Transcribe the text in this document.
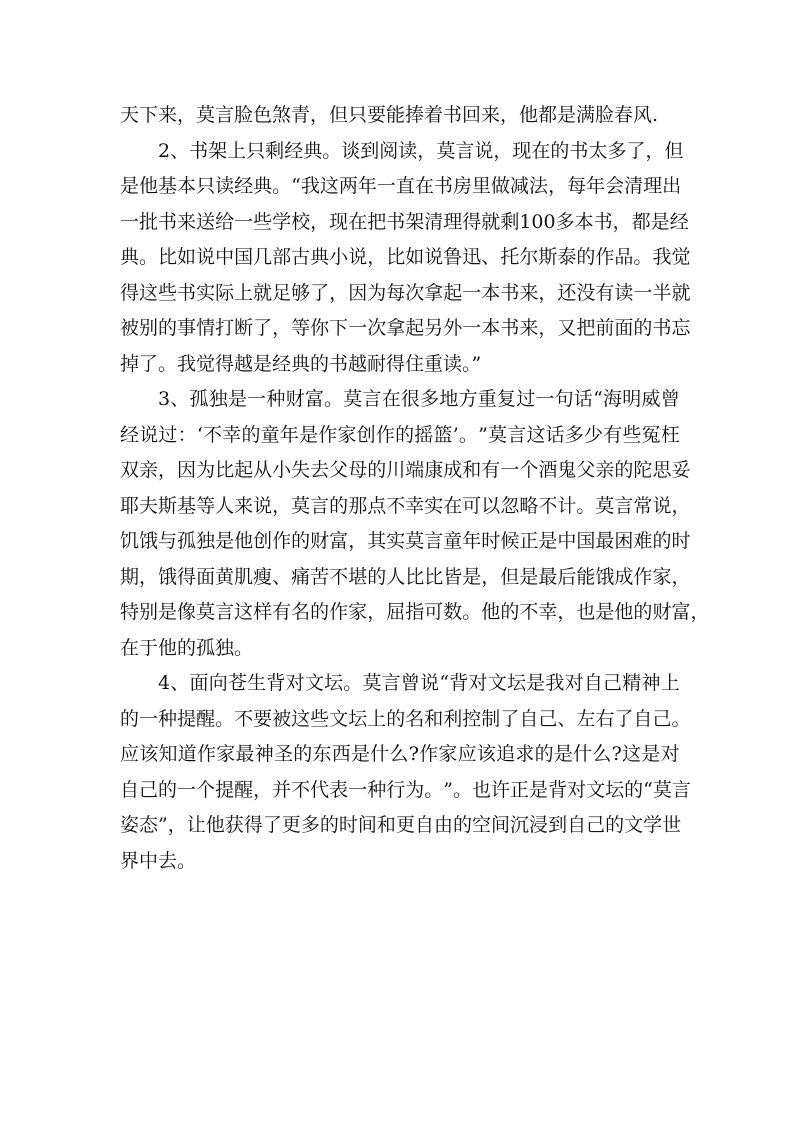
天下来，莫言脸色煞青，但只要能捧着书回来，他都是满脸春风.
2 、 书 架 上 只 剩 经 典 。 谈 到 阅 读 ， 莫 言 说 ， 现 在 的 书 太 多 了 ， 但
是 他 基 本 只 读 经 典 。 “ 我 这 两 年 一 直 在 书 房 里 做 减 法 ， 每 年 会 清 理 出
一 批 书 来 送 给 一 些 学 校 ， 现 在 把 书 架 清 理 得 就 剩 100 多 本 书 ， 都 是 经
典 。 比 如 说 中 国 几 部 古 典 小 说 ， 比 如 说 鲁 迅 、 托 尔 斯 泰 的 作 品 。 我 觉
得 这 些 书 实 际 上 就 足 够 了 ， 因 为 每 次 拿 起 一 本 书 来 ， 还 没 有 读 一 半 就
被 别 的 事 情 打 断 了 ， 等 你 下 一 次 拿 起 另 外 一 本 书 来 ， 又 把 前 面 的 书 忘
掉了。我觉得越是经典的书越耐得住重读。”
3 、 孤 独 是 一 种 财 富 。 莫 言 在 很 多 地 方 重 复 过 一 句 话 “ 海 明 威 曾
经 说 过 ： ‘ 不 幸 的 童 年 是 作 家 创 作 的 摇 篮 ’ 。 ” 莫 言 这 话 多 少 有 些 冤 枉
双 亲 ， 因 为 比 起 从 小 失 去 父 母 的 川 端 康 成 和 有 一 个 酒 鬼 父 亲 的 陀 思 妥
耶 夫 斯 基 等 人 来 说 ， 莫 言 的 那 点 不 幸 实 在 可 以 忽 略 不 计 。 莫 言 常 说 ，
饥 饿 与 孤 独 是 他 创 作 的 财 富 ， 其 实 莫 言 童 年 时 候 正 是 中 国 最 困 难 的 时
期 ， 饿 得 面 黄 肌 瘦 、 痛 苦 不 堪 的 人 比 比 皆 是 ， 但 是 最 后 能 饿 成 作 家 ，
特 别 是 像 莫 言 这 样 有 名 的 作 家 ， 屈 指 可 数 。 他 的 不 幸 ， 也 是 他 的 财 富 ，
在于他的孤独。
4 、 面 向 苍 生 背 对 文 坛 。 莫 言 曾 说 “ 背 对 文 坛 是 我 对 自 己 精 神 上
的 一 种 提 醒 。 不 要 被 这 些 文 坛 上 的 名 和 利 控 制 了 自 己 、 左 右 了 自 己 。
应 该 知 道 作 家 最 神 圣 的 东 西 是 什 么 ? 作 家 应 该 追 求 的 是 什 么 ? 这 是 对
自 己 的 一 个 提 醒 ， 并 不 代 表 一 种 行 为 。 ” 。 也 许 正 是 背 对 文 坛 的 “ 莫 言
姿 态 ” ， 让 他 获 得 了 更 多 的 时 间 和 更 自 由 的 空 间 沉 浸 到 自 己 的 文 学 世
界中去。
